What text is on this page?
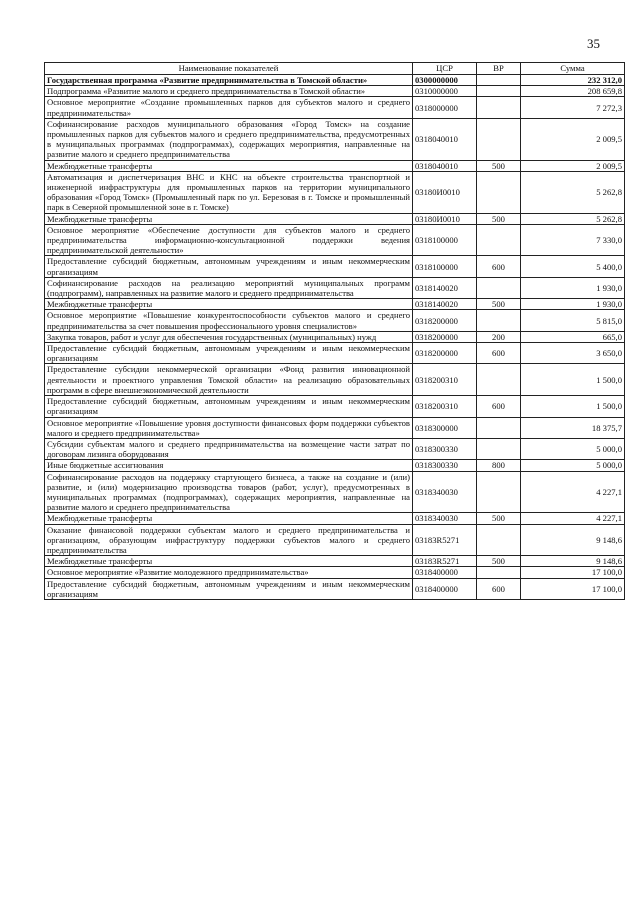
35
Наименование показателей	ЦСР	ВР	Сумма
Государственная программа «Развитие предпринимательства в Томской области»	0300000000		232 312,0
Подпрограмма «Развитие малого и среднего предпринимательства в Томской области»	0310000000		208 659,8
Основное мероприятие «Создание промышленных парков для субъектов малого и среднего предпринимательства»	0318000000		7 272,3
Софинансирование расходов муниципального образования «Город Томск» на создание промышленных парков для субъектов малого и среднего предпринимательства, предусмотренных в муниципальных программах (подпрограммах), содержащих мероприятия, направленные на развитие малого и среднего предпринимательства	0318040010		2 009,5
Межбюджетные трансферты	0318040010	500	2 009,5
Автоматизация и диспетчеризация ВНС и КНС на объекте строительства транспортной и инженерной инфраструктуры для промышленных парков на территории муниципального образования «Город Томск» (Промышленный парк по ул. Березовая в г. Томске и промышленный парк в Северной промышленной зоне в г. Томске)	03180И0010		5 262,8
Межбюджетные трансферты	03180И0010	500	5 262,8
Основное мероприятие «Обеспечение доступности для субъектов малого и среднего предпринимательства информационно-консультационной поддержки ведения предпринимательской деятельности»	0318100000		7 330,0
Предоставление субсидий бюджетным, автономным учреждениям и иным некоммерческим организациям	0318100000	600	5 400,0
Софинансирование расходов на реализацию мероприятий муниципальных программ (подпрограмм), направленных на развитие малого и среднего предпринимательства	0318140020		1 930,0
Межбюджетные трансферты	0318140020	500	1 930,0
Основное мероприятие «Повышение конкурентоспособности субъектов малого и среднего предпринимательства за счет повышения профессионального уровня специалистов»	0318200000		5 815,0
Закупка товаров, работ и услуг для обеспечения государственных (муниципальных) нужд	0318200000	200	665,0
Предоставление субсидий бюджетным, автономным учреждениям и иным некоммерческим организациям	0318200000	600	3 650,0
Предоставление субсидии некоммерческой организации «Фонд развития инновационной деятельности и проектного управления Томской области» на реализацию образовательных программ в сфере внешнеэкономической деятельности	0318200310		1 500,0
Предоставление субсидий бюджетным, автономным учреждениям и иным некоммерческим организациям	0318200310	600	1 500,0
Основное мероприятие «Повышение уровня доступности финансовых форм поддержки субъектов малого и среднего предпринимательства»	0318300000		18 375,7
Субсидии субъектам малого и среднего предпринимательства на возмещение части затрат по договорам лизинга оборудования	0318300330		5 000,0
Иные бюджетные ассигнования	0318300330	800	5 000,0
Софинансирование расходов на поддержку стартующего бизнеса, а также на создание и (или) развитие, и (или) модернизацию производства товаров (работ, услуг), предусмотренных в муниципальных программах (подпрограммах), содержащих мероприятия, направленные на развитие малого и среднего предпринимательства	0318340030		4 227,1
Межбюджетные трансферты	0318340030	500	4 227,1
Оказание финансовой поддержки субъектам малого и среднего предпринимательства и организациям, образующим инфраструктуру поддержки субъектов малого и среднего предпринимательства	03183R5271		9 148,6
Межбюджетные трансферты	03183R5271	500	9 148,6
Основное мероприятие «Развитие молодежного предпринимательства»	0318400000		17 100,0
Предоставление субсидий бюджетным, автономным учреждениям и иным некоммерческим организациям	0318400000	600	17 100,0
